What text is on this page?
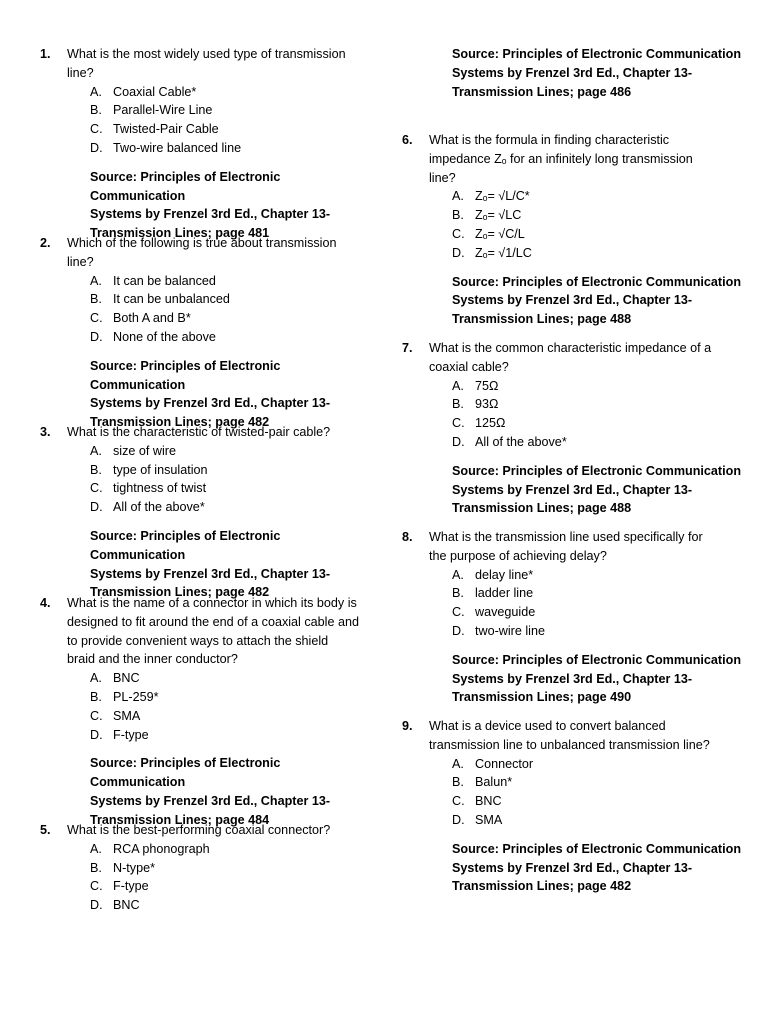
1.	What is the most widely used type of transmission
line?
A. Coaxial Cable*
B. Parallel-Wire Line
C. Twisted-Pair Cable
D. Two-wire balanced line
Source: Principles of Electronic Communication
Systems by Frenzel 3rd Ed., Chapter 13-
Transmission Lines; page 481
2.	Which of the following is true about transmission
line?
A. It can be balanced
B. It can be unbalanced
C. Both A and B*
D. None of the above
Source: Principles of Electronic Communication
Systems by Frenzel 3rd Ed., Chapter 13-
Transmission Lines; page 482
3.	What is the characteristic of twisted-pair cable?
A. size of wire
B. type of insulation
C. tightness of twist
D. All of the above*
Source: Principles of Electronic Communication
Systems by Frenzel 3rd Ed., Chapter 13-
Transmission Lines; page 482
4.	What is the name of a connector in which its body is
designed to fit around the end of a coaxial cable and
to provide convenient ways to attach the shield
braid and the inner conductor?
A. BNC
B. PL-259*
C. SMA
D. F-type
Source: Principles of Electronic Communication
Systems by Frenzel 3rd Ed., Chapter 13-
Transmission Lines; page 484
5.	What is the best-performing coaxial connector?
A. RCA phonograph
B. N-type*
C. F-type
D. BNC
Source: Principles of Electronic Communication
Systems by Frenzel 3rd Ed., Chapter 13-
Transmission Lines; page 486
6.	What is the formula in finding characteristic
impedance Zₒ for an infinitely long transmission
line?
A. Zₒ= √L/C*
B. Zₒ= √LC
C. Zₒ= √C/L
D. Zₒ= √1/LC
Source: Principles of Electronic Communication
Systems by Frenzel 3rd Ed., Chapter 13-
Transmission Lines; page 488
7.	What is the common characteristic impedance of a
coaxial cable?
A. 75Ω
B. 93Ω
C. 125Ω
D. All of the above*
Source: Principles of Electronic Communication
Systems by Frenzel 3rd Ed., Chapter 13-
Transmission Lines; page 488
8.	What is the transmission line used specifically for
the purpose of achieving delay?
A. delay line*
B. ladder line
C. waveguide
D. two-wire line
Source: Principles of Electronic Communication
Systems by Frenzel 3rd Ed., Chapter 13-
Transmission Lines; page 490
9.	What is a device used to convert balanced
transmission line to unbalanced transmission line?
A. Connector
B. Balun*
C. BNC
D. SMA
Source: Principles of Electronic Communication
Systems by Frenzel 3rd Ed., Chapter 13-
Transmission Lines; page 482
